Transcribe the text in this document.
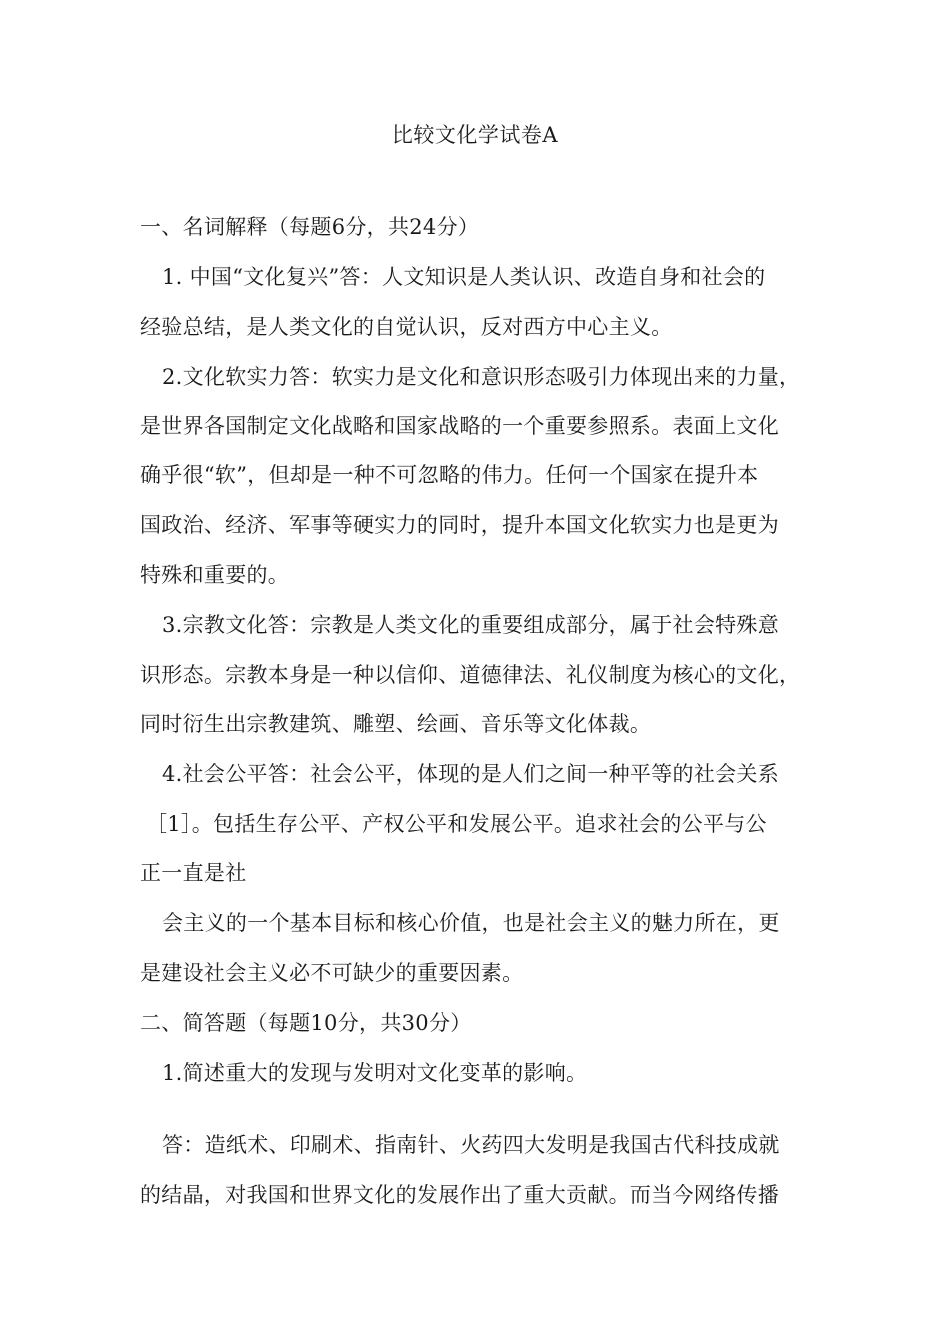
比较文化学试卷A
一、名词解释（每题6分，共24分）
1. 中国“文化复兴”答：人文知识是人类认识、改造自身和社会的
经验总结，是人类文化的自觉认识，反对西方中心主义。
2.文化软实力答：软实力是文化和意识形态吸引力体现出来的力量，
是世界各国制定文化战略和国家战略的一个重要参照系。表面上文化
确乎很“软”，但却是一种不可忽略的伟力。任何一个国家在提升本
国政治、经济、军事等硬实力的同时，提升本国文化软实力也是更为
特殊和重要的。
3.宗教文化答：宗教是人类文化的重要组成部分，属于社会特殊意
识形态。宗教本身是一种以信仰、道德律法、礼仪制度为核心的文化，
同时衍生出宗教建筑、雕塑、绘画、音乐等文化体裁。
4.社会公平答：社会公平，体现的是人们之间一种平等的社会关系
［1］。包括生存公平、产权公平和发展公平。追求社会的公平与公
正一直是社
会主义的一个基本目标和核心价值，也是社会主义的魅力所在，更
是建设社会主义必不可缺少的重要因素。
二、简答题（每题10分，共30分）
1.简述重大的发现与发明对文化变革的影响。
答：造纸术、印刷术、指南针、火药四大发明是我国古代科技成就
的结晶，对我国和世界文化的发展作出了重大贡献。而当今网络传播
